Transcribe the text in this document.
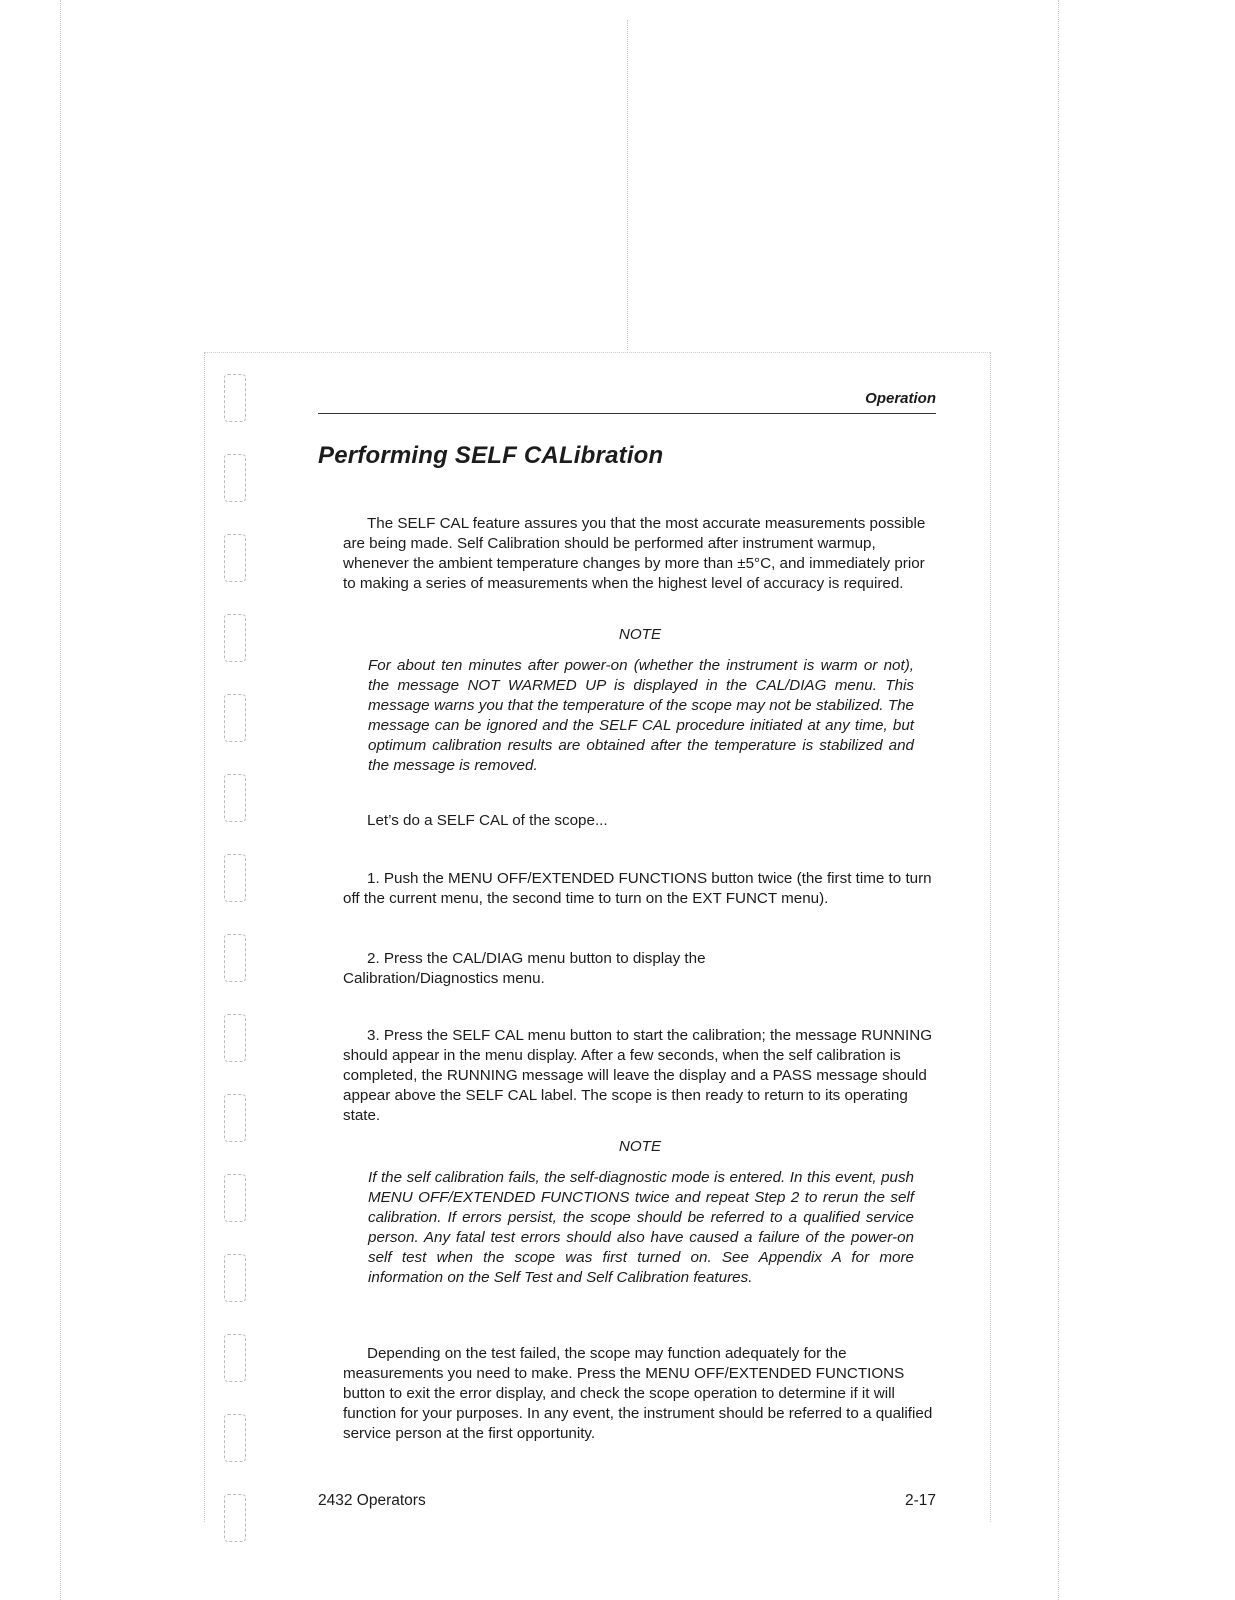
Operation
Performing SELF CALibration

The SELF CAL feature assures you that the most accurate measurements possible are being made. Self Calibration should be performed after instrument warmup, whenever the ambient temperature changes by more than ±5°C, and immediately prior to making a series of measurements when the highest level of accuracy is required.

NOTE

For about ten minutes after power-on (whether the instrument is warm or not), the message NOT WARMED UP is displayed in the CAL/DIAG menu. This message warns you that the temperature of the scope may not be stabilized. The message can be ignored and the SELF CAL procedure initiated at any time, but optimum calibration results are obtained after the temperature is stabilized and the message is removed.

Let’s do a SELF CAL of the scope...

1. Push the MENU OFF/EXTENDED FUNCTIONS button twice (the first time to turn off the current menu, the second time to turn on the EXT FUNCT menu).

2. Press the CAL/DIAG menu button to display the Calibration/Diagnostics menu.

3. Press the SELF CAL menu button to start the calibration; the message RUNNING should appear in the menu display. After a few seconds, when the self calibration is completed, the RUNNING message will leave the display and a PASS message should appear above the SELF CAL label. The scope is then ready to return to its operating state.

NOTE

If the self calibration fails, the self-diagnostic mode is entered. In this event, push MENU OFF/EXTENDED FUNCTIONS twice and repeat Step 2 to rerun the self calibration. If errors persist, the scope should be referred to a qualified service person. Any fatal test errors should also have caused a failure of the power-on self test when the scope was first turned on. See Appendix A for more information on the Self Test and Self Calibration features.

Depending on the test failed, the scope may function adequately for the measurements you need to make. Press the MENU OFF/EXTENDED FUNCTIONS button to exit the error display, and check the scope operation to determine if it will function for your purposes. In any event, the instrument should be referred to a qualified service person at the first opportunity.

2432 Operators	2-17
